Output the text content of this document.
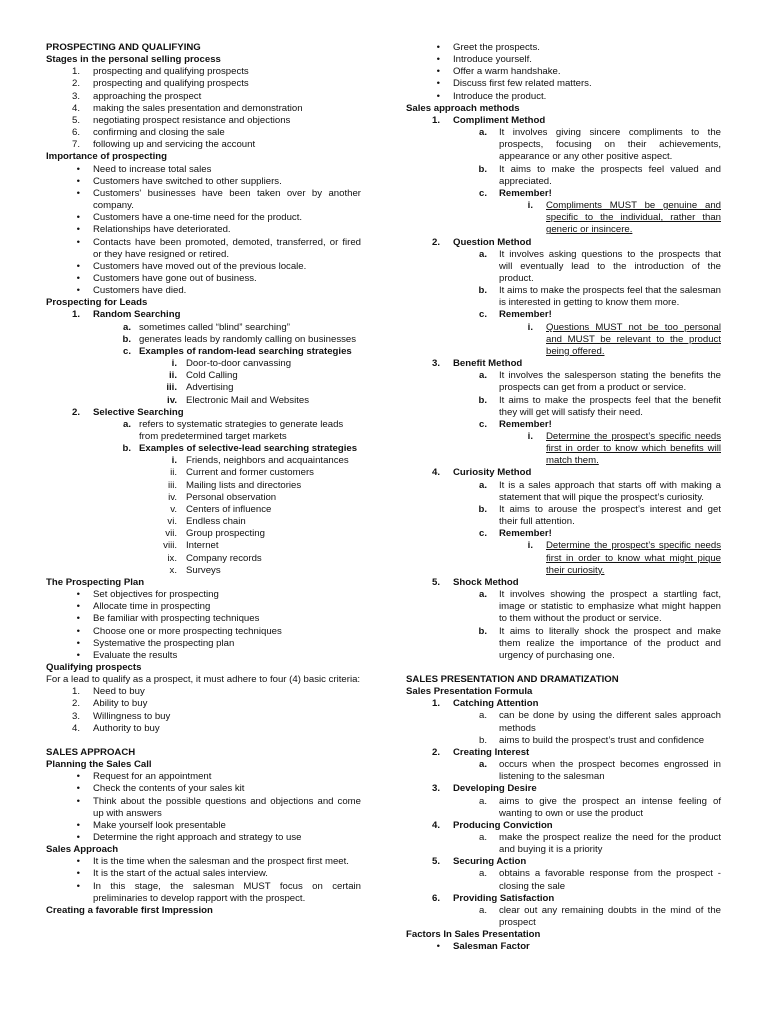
PROSPECTING AND QUALIFYING
Stages in the personal selling process
1. prospecting and qualifying prospects
2. prospecting and qualifying prospects
3. approaching the prospect
4. making the sales presentation and demonstration
5. negotiating prospect resistance and objections
6. confirming and closing the sale
7. following up and servicing the account
Importance of prospecting
• Need to increase total sales
• Customers have switched to other suppliers.
• Customers' businesses have been taken over by another company.
• Customers have a one-time need for the product.
• Relationships have deteriorated.
• Contacts have been promoted, demoted, transferred, or fired or they have resigned or retired.
• Customers have moved out of the previous locale.
• Customers have gone out of business.
• Customers have died.
Prospecting for Leads
1. Random Searching
a. sometimes called “blind” searching”
b. generates leads by randomly calling on businesses
c. Examples of random-lead searching strategies
i. Door-to-door canvassing
ii. Cold Calling
iii. Advertising
iv. Electronic Mail and Websites
2. Selective Searching
a. refers to systematic strategies to generate leads from predetermined target markets
b. Examples of selective-lead searching strategies
i. Friends, neighbors and acquaintances
ii. Current and former customers
iii. Mailing lists and directories
iv. Personal observation
v. Centers of influence
vi. Endless chain
vii. Group prospecting
viii. Internet
ix. Company records
x. Surveys
The Prospecting Plan
• Set objectives for prospecting
• Allocate time in prospecting
• Be familiar with prospecting techniques
• Choose one or more prospecting techniques
• Systemative the prospecting plan
• Evaluate the results
Qualifying prospects
For a lead to qualify as a prospect, it must adhere to four (4) basic criteria:
1. Need to buy
2. Ability to buy
3. Willingness to buy
4. Authority to buy
SALES APPROACH
Planning the Sales Call
• Request for an appointment
• Check the contents of your sales kit
• Think about the possible questions and objections and come up with answers
• Make yourself look presentable
• Determine the right approach and strategy to use
Sales Approach
• It is the time when the salesman and the prospect first meet.
• It is the start of the actual sales interview.
• In this stage, the salesman MUST focus on certain preliminaries to develop rapport with the prospect.
Creating a favorable first Impression
• Greet the prospects.
• Introduce yourself.
• Offer a warm handshake.
• Discuss first few related matters.
• Introduce the product.
Sales approach methods
1. Compliment Method
a. It involves giving sincere compliments to the prospects, focusing on their achievements, appearance or any other positive aspect.
b. It aims to make the prospects feel valued and appreciated.
c. Remember!
i. Compliments MUST be genuine and specific to the individual, rather than generic or insincere.
2. Question Method
a. It involves asking questions to the prospects that will eventually lead to the introduction of the product.
b. It aims to make the prospects feel that the salesman is interested in getting to know them more.
c. Remember!
i. Questions MUST not be too personal and MUST be relevant to the product being offered.
3. Benefit Method
a. It involves the salesperson stating the benefits the prospects can get from a product or service.
b. It aims to make the prospects feel that the benefit they will get will satisfy their need.
c. Remember!
i. Determine the prospect’s specific needs first in order to know which benefits will match them.
4. Curiosity Method
a. It is a sales approach that starts off with making a statement that will pique the prospect’s curiosity.
b. It aims to arouse the prospect’s interest and get their full attention.
c. Remember!
i. Determine the prospect’s specific needs first in order to know what might pique their curiosity.
5. Shock Method
a. It involves showing the prospect a startling fact, image or statistic to emphasize what might happen to them without the product or service.
b. It aims to literally shock the prospect and make them realize the importance of the product and urgency of purchasing one.
SALES PRESENTATION AND DRAMATIZATION
Sales Presentation Formula
1. Catching Attention
a. can be done by using the different sales approach methods
b. aims to build the prospect’s trust and confidence
2. Creating Interest
a. occurs when the prospect becomes engrossed in listening to the salesman
3. Developing Desire
a. aims to give the prospect an intense feeling of wanting to own or use the product
4. Producing Conviction
a. make the prospect realize the need for the product and buying it is a priority
5. Securing Action
a. obtains a favorable response from the prospect - closing the sale
6. Providing Satisfaction
a. clear out any remaining doubts in the mind of the prospect
Factors In Sales Presentation
• Salesman Factor
